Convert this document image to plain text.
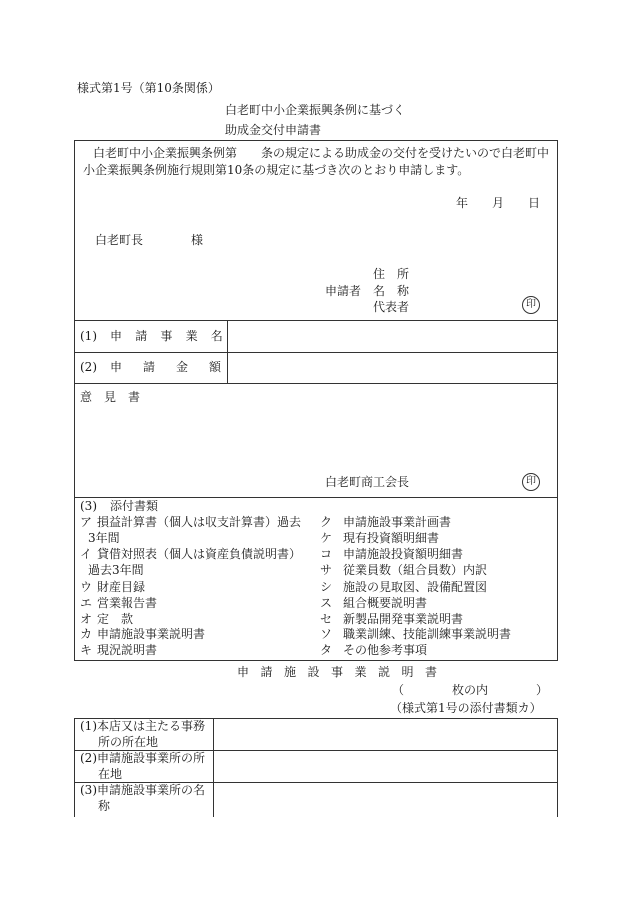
様式第1号（第10条関係）
白老町中小企業振興条例に基づく
助成金交付申請書
白老町中小企業振興条例第　　条の規定による助成金の交付を受けたいので白老町中
小企業振興条例施行規則第10条の規定に基づき次のとおり申請します。
年　　月　　日
白老町長　　　　様
住　所
申請者 名　称
代表者	印
(1) 申　請　事　業　名
(2) 申　　請　　金　　額
意　見　書
白老町商工会長	印
(3) 添付書類
ア 損益計算書（個人は収支計算書）過去
3年間
イ 貸借対照表（個人は資産負債説明書）
過去3年間
ウ 財産目録
エ 営業報告書
オ 定　款
カ 申請施設事業説明書
キ 現況説明書
ク 申請施設事業計画書
ケ 現有投資額明細書
コ 申請施設投資額明細書
サ 従業員数（組合員数）内訳
シ 施設の見取図、設備配置図
ス 組合概要説明書
セ 新製品開発事業説明書
ソ 職業訓練、技能訓練事業説明書
タ その他参考事項
申請施設事業説明書
（　　　　枚の内　　　　）
（様式第1号の添付書類カ）
(1)本店又は主たる事務
所の所在地
(2)申請施設事業所の所
在地
(3)申請施設事業所の名
称
